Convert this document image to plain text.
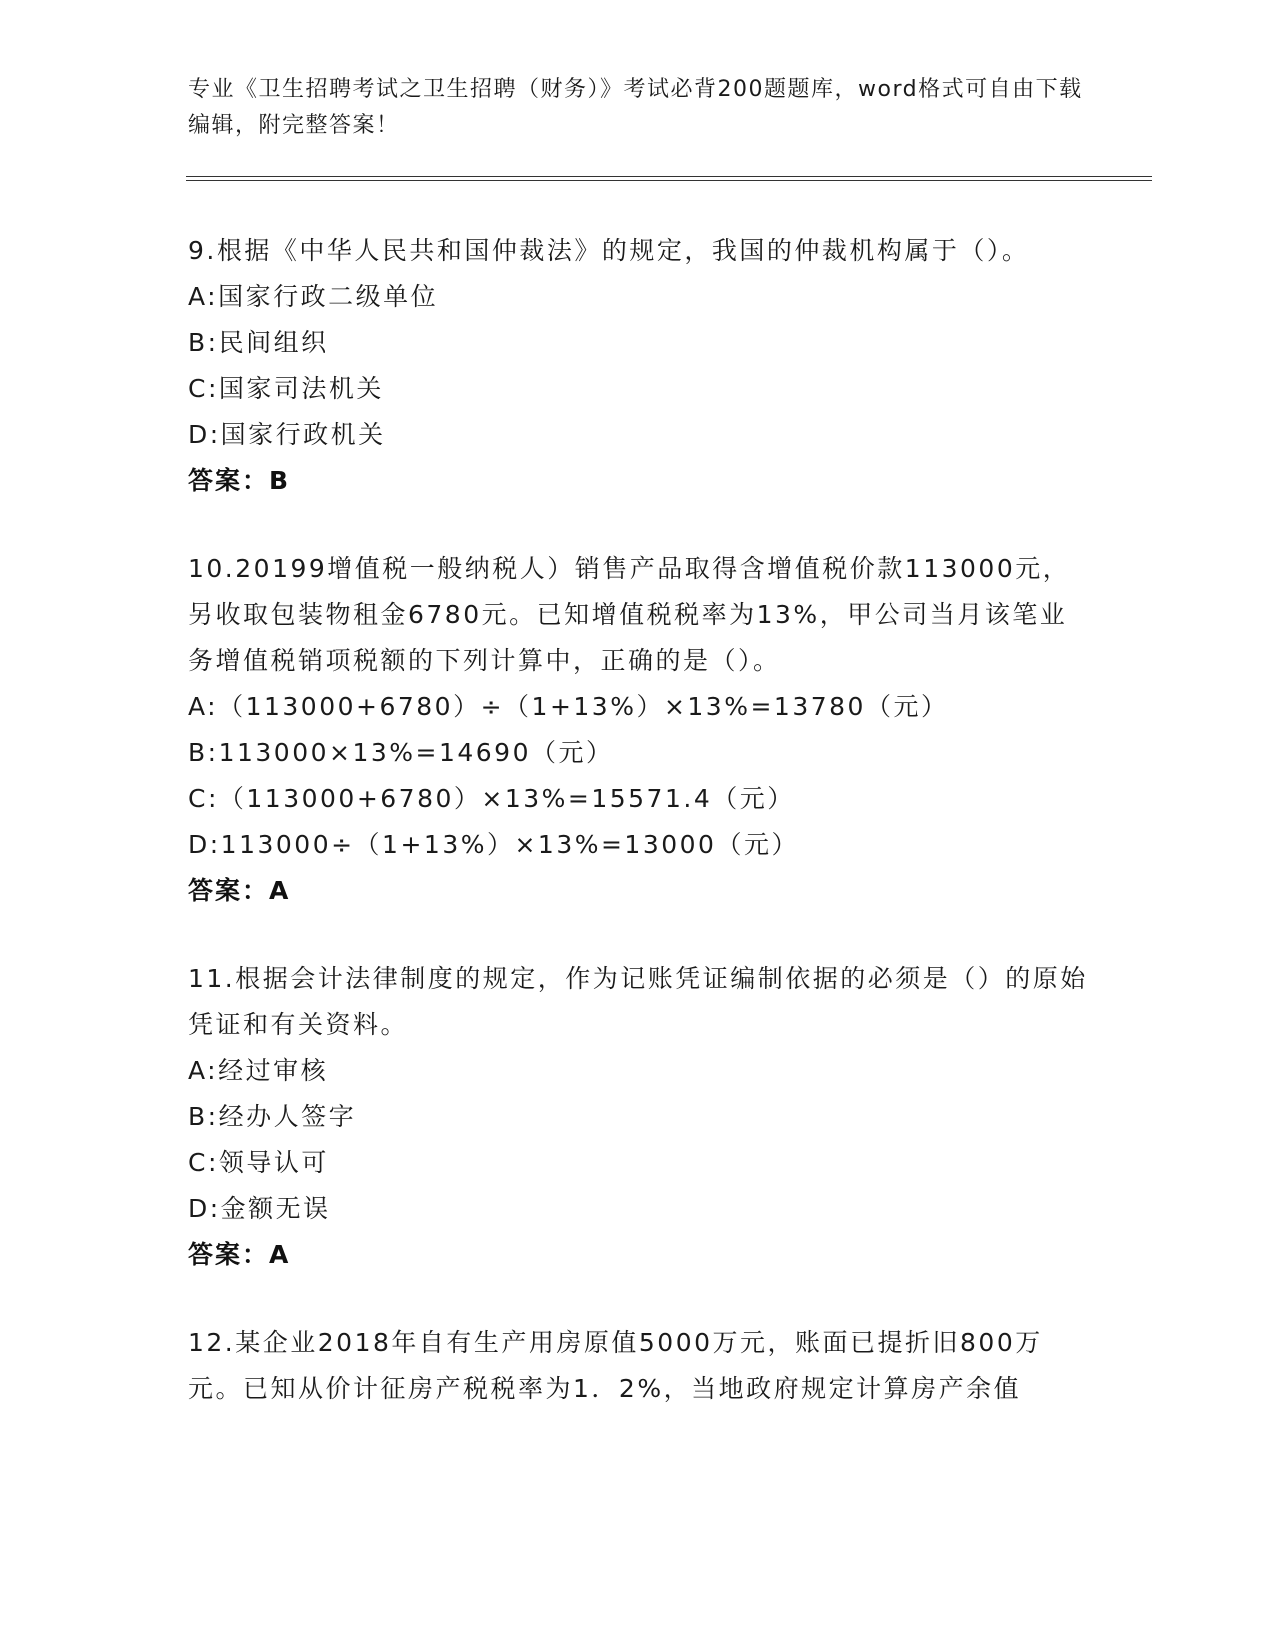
专业《卫生招聘考试之卫生招聘（财务）》考试必背200题题库，word格式可自由下载编辑，附完整答案！

9.根据《中华人民共和国仲裁法》的规定，我国的仲裁机构属于（）。

A:国家行政二级单位

B:民间组织

C:国家司法机关

D:国家行政机关

答案：B

10.20199增值税一般纳税人）销售产品取得含增值税价款113000元，另收取包装物租金6780元。已知增值税税率为13%，甲公司当月该笔业务增值税销项税额的下列计算中，正确的是（）。

A:（113000+6780）÷（1+13%）×13%=13780（元）

B:113000×13%=14690（元）

C:（113000+6780）×13%=15571.4（元）

D:113000÷（1+13%）×13%=13000（元）

答案：A

11.根据会计法律制度的规定，作为记账凭证编制依据的必须是（）的原始凭证和有关资料。

A:经过审核

B:经办人签字

C:领导认可

D:金额无误

答案：A

12.某企业2018年自有生产用房原值5000万元，账面已提折旧800万元。已知从价计征房产税税率为1．2%，当地政府规定计算房产余值
